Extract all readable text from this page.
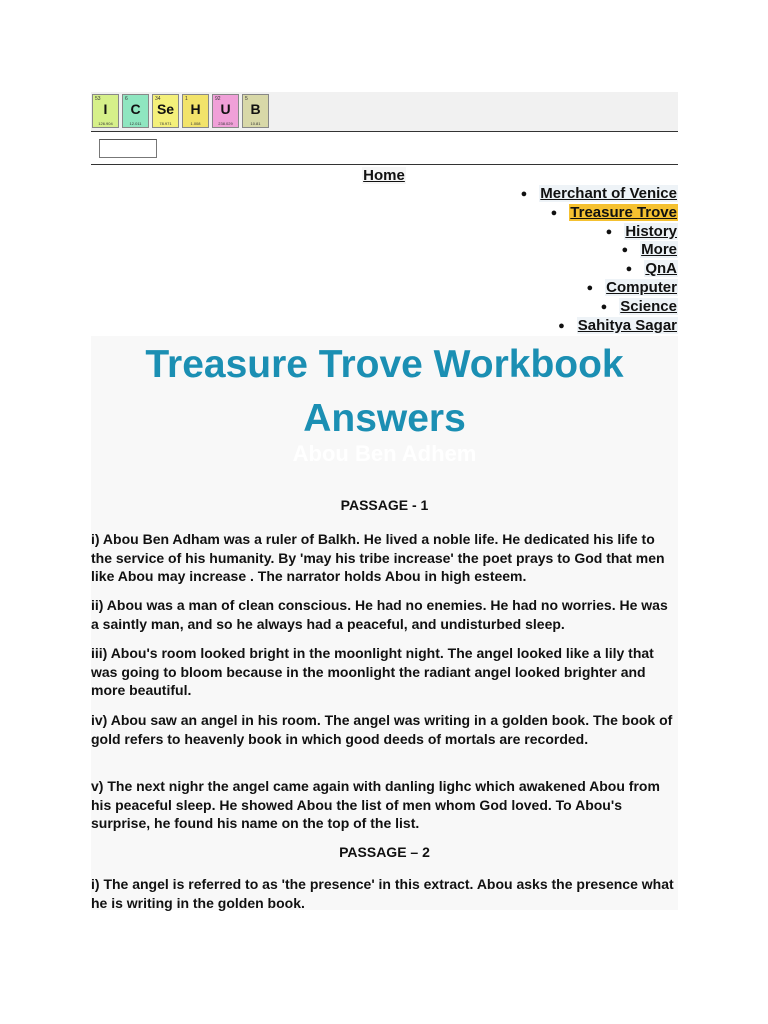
53
I
126.904
6
C
12.011
34
Se
78.971
1
H
1.008
92
U
238.029
5
B
10.81
Home
● Merchant of Venice
● Treasure Trove
● History
● More
● QnA
● Computer
● Science
● Sahitya Sagar
Treasure Trove Workbook
Answers
Abou Ben Adhem
PASSAGE - 1

i) Abou Ben Adham was a ruler of Balkh. He lived a noble life. He dedicated his life to the service of his humanity. By 'may his tribe increase' the poet prays to God that men like Abou may increase . The narrator holds Abou in high esteem.

ii) Abou was a man of clean conscious. He had no enemies. He had no worries. He was a saintly man, and so he always had a peaceful, and undisturbed sleep.

iii) Abou's room looked bright in the moonlight night. The angel looked like a lily that was going to bloom because in the moonlight the radiant angel looked brighter and more beautiful.

iv) Abou saw an angel in his room. The angel was writing in a golden book. The book of gold refers to heavenly book in which good deeds of mortals are recorded.

v) The next nighr the angel came again with danling lighc which awakened Abou from his peaceful sleep. He showed Abou the list of men whom God loved. To Abou's surprise, he found his name on the top of the list.

PASSAGE – 2

i) The angel is referred to as 'the presence' in this extract. Abou asks the presence what he is writing in the golden book.
